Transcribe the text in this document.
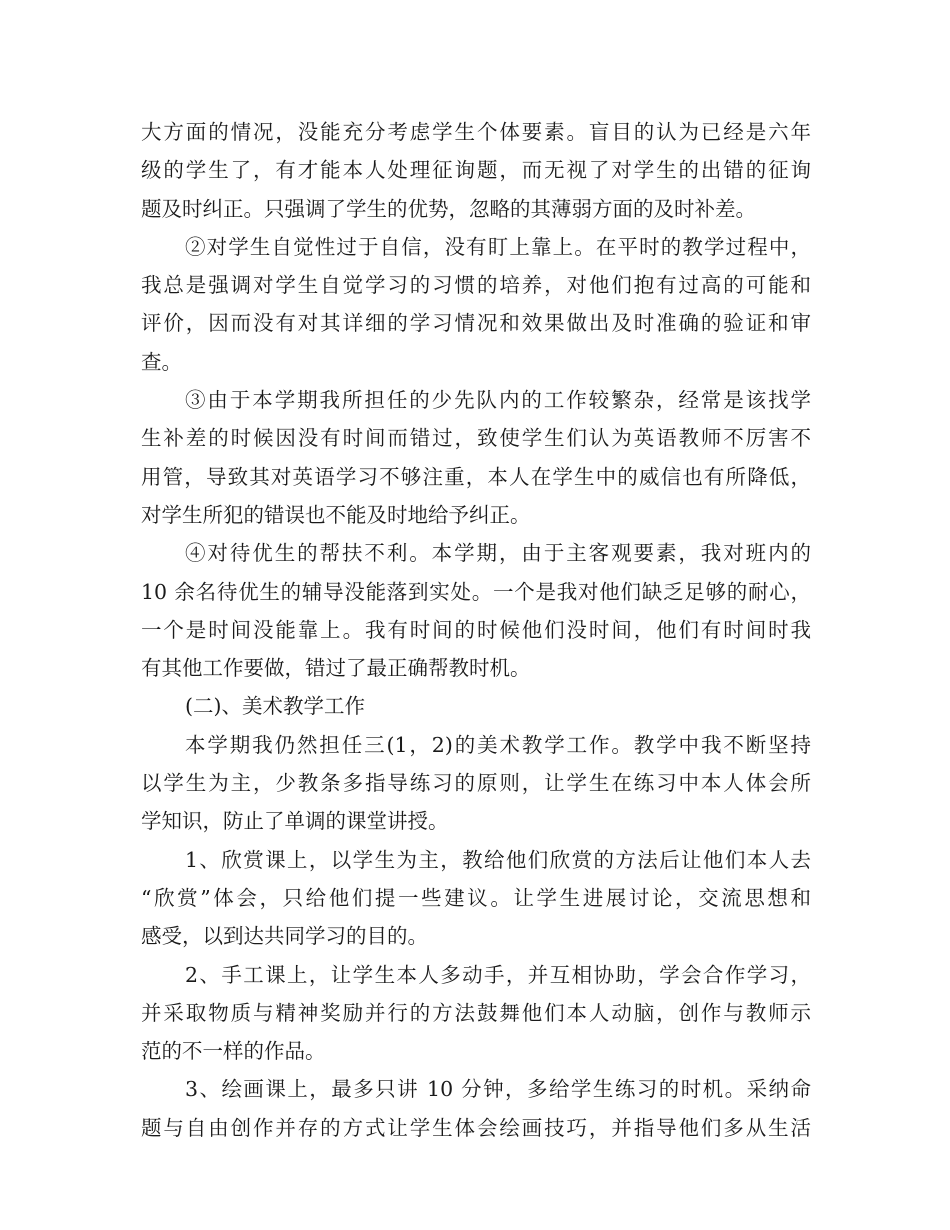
大方面的情况，没能充分考虑学生个体要素。盲目的认为已经是六年
级的学生了，有才能本人处理征询题，而无视了对学生的出错的征询
题及时纠正。只强调了学生的优势，忽略的其薄弱方面的及时补差。
②对学生自觉性过于自信，没有盯上靠上。在平时的教学过程中，
我总是强调对学生自觉学习的习惯的培养，对他们抱有过高的可能和
评价，因而没有对其详细的学习情况和效果做出及时准确的验证和审
查。
③由于本学期我所担任的少先队内的工作较繁杂，经常是该找学
生补差的时候因没有时间而错过，致使学生们认为英语教师不厉害不
用管，导致其对英语学习不够注重，本人在学生中的威信也有所降低，
对学生所犯的错误也不能及时地给予纠正。
④对待优生的帮扶不利。本学期，由于主客观要素，我对班内的
10 余名待优生的辅导没能落到实处。一个是我对他们缺乏足够的耐心，
一个是时间没能靠上。我有时间的时候他们没时间，他们有时间时我
有其他工作要做，错过了最正确帮教时机。
(二)、美术教学工作
本学期我仍然担任三(1，2)的美术教学工作。教学中我不断坚持
以学生为主，少教条多指导练习的原则，让学生在练习中本人体会所
学知识，防止了单调的课堂讲授。
1、欣赏课上，以学生为主，教给他们欣赏的方法后让他们本人去
“欣赏”体会，只给他们提一些建议。让学生进展讨论，交流思想和
感受，以到达共同学习的目的。
2、手工课上，让学生本人多动手，并互相协助，学会合作学习，
并采取物质与精神奖励并行的方法鼓舞他们本人动脑，创作与教师示
范的不一样的作品。
3、绘画课上，最多只讲 10 分钟，多给学生练习的时机。采纳命
题与自由创作并存的方式让学生体会绘画技巧，并指导他们多从生活
